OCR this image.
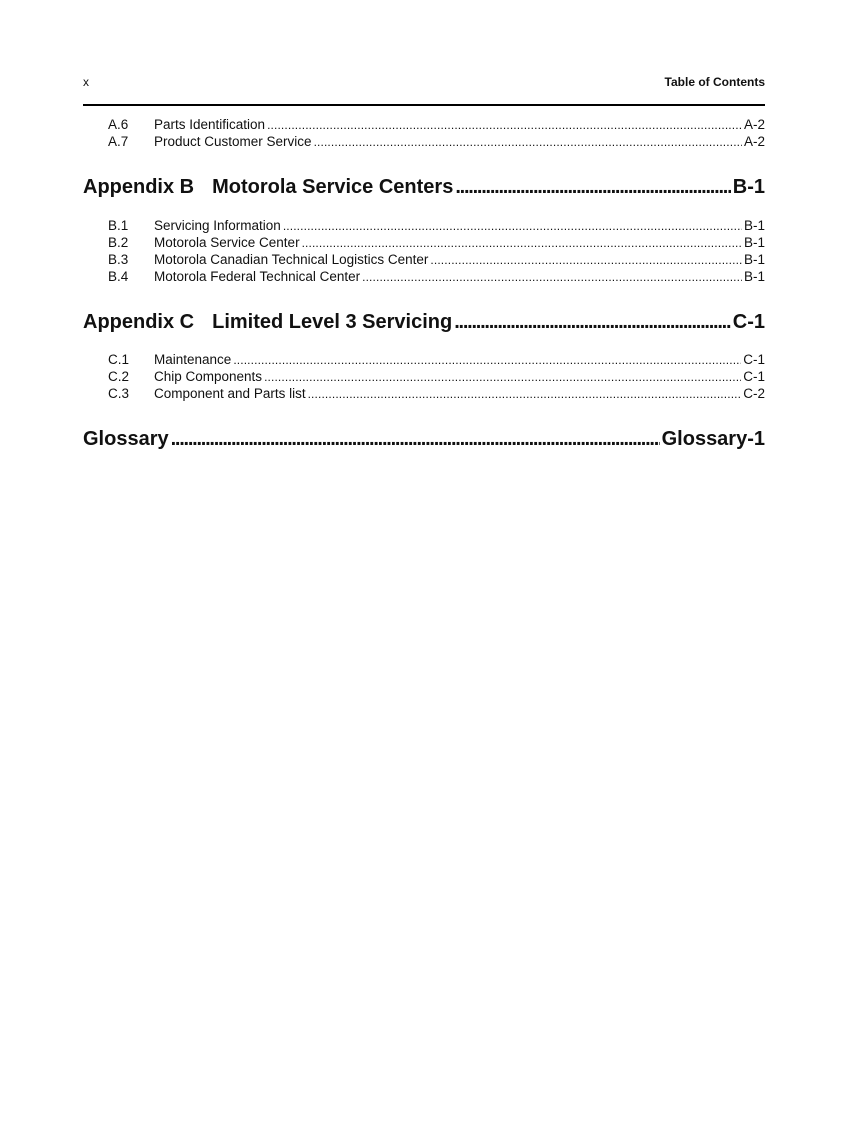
x	Table of Contents
A.6	Parts Identification . . .	A-2
A.7	Product Customer Service . . .	A-2
Appendix B Motorola Service Centers . . .	B-1
B.1	Servicing Information . . .	B-1
B.2	Motorola Service Center . . .	B-1
B.3	Motorola Canadian Technical Logistics Center . . .	B-1
B.4	Motorola Federal Technical Center . . .	B-1
Appendix C Limited Level 3 Servicing . . .	C-1
C.1	Maintenance . . .	C-1
C.2	Chip Components . . .	C-1
C.3	Component and Parts list . . .	C-2
Glossary . . .	Glossary-1
